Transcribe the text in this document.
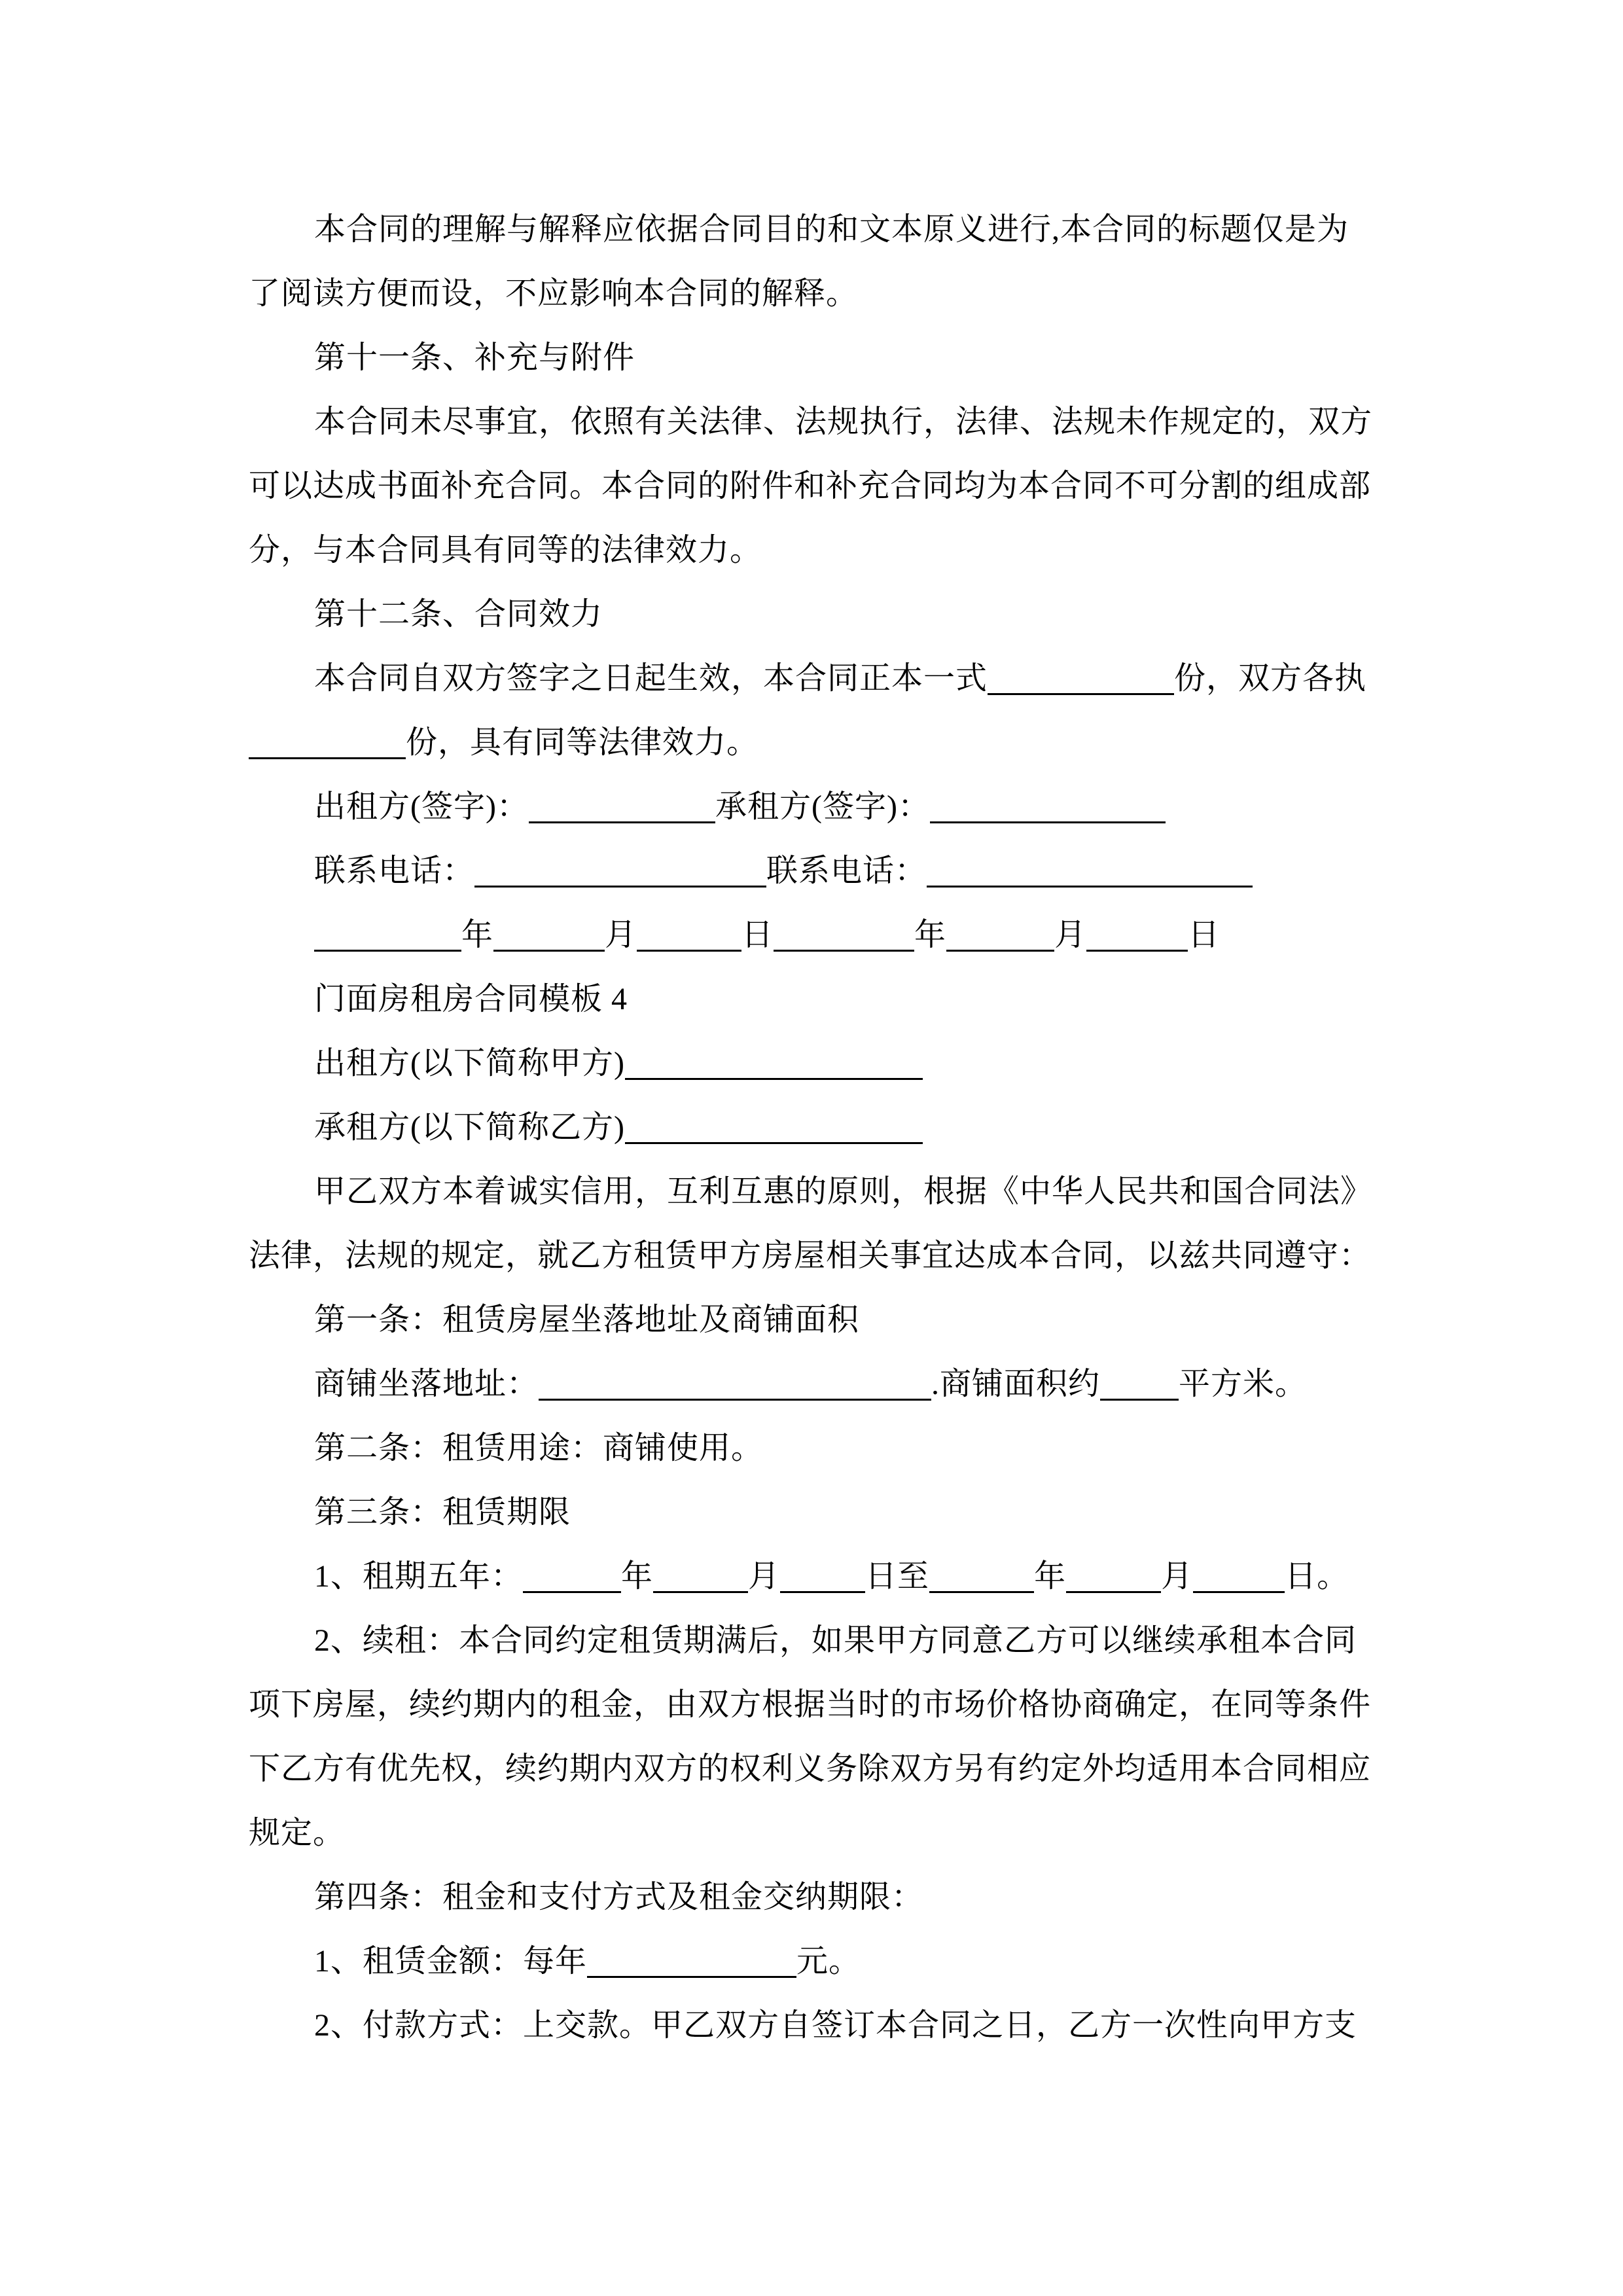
本合同的理解与解释应依据合同目的和文本原义进行,本合同的标题仅是为
了阅读方便而设，不应影响本合同的解释。
第十一条、补充与附件
本合同未尽事宜，依照有关法律、法规执行，法律、法规未作规定的，双方
可以达成书面补充合同。本合同的附件和补充合同均为本合同不可分割的组成部
分，与本合同具有同等的法律效力。
第十二条、合同效力
本合同自双方签字之日起生效，本合同正本一式	份，双方各执
份，具有同等法律效力。
出租方(签字)：	承租方(签字)：
联系电话：	联系电话：
年	月	日	年	月	日
门面房租房合同模板 4
出租方(以下简称甲方)
承租方(以下简称乙方)
甲乙双方本着诚实信用，互利互惠的原则，根据《中华人民共和国合同法》
法律，法规的规定，就乙方租赁甲方房屋相关事宜达成本合同，以兹共同遵守：
第一条：租赁房屋坐落地址及商铺面积
商铺坐落地址：	.商铺面积约	平方米。
第二条：租赁用途：商铺使用。
第三条：租赁期限
1、租期五年：	年	月	日至	年	月	日。
2、续租：本合同约定租赁期满后，如果甲方同意乙方可以继续承租本合同
项下房屋，续约期内的租金，由双方根据当时的市场价格协商确定，在同等条件
下乙方有优先权，续约期内双方的权利义务除双方另有约定外均适用本合同相应
规定。
第四条：租金和支付方式及租金交纳期限：
1、租赁金额：每年	元。
2、付款方式：上交款。甲乙双方自签订本合同之日，乙方一次性向甲方支
